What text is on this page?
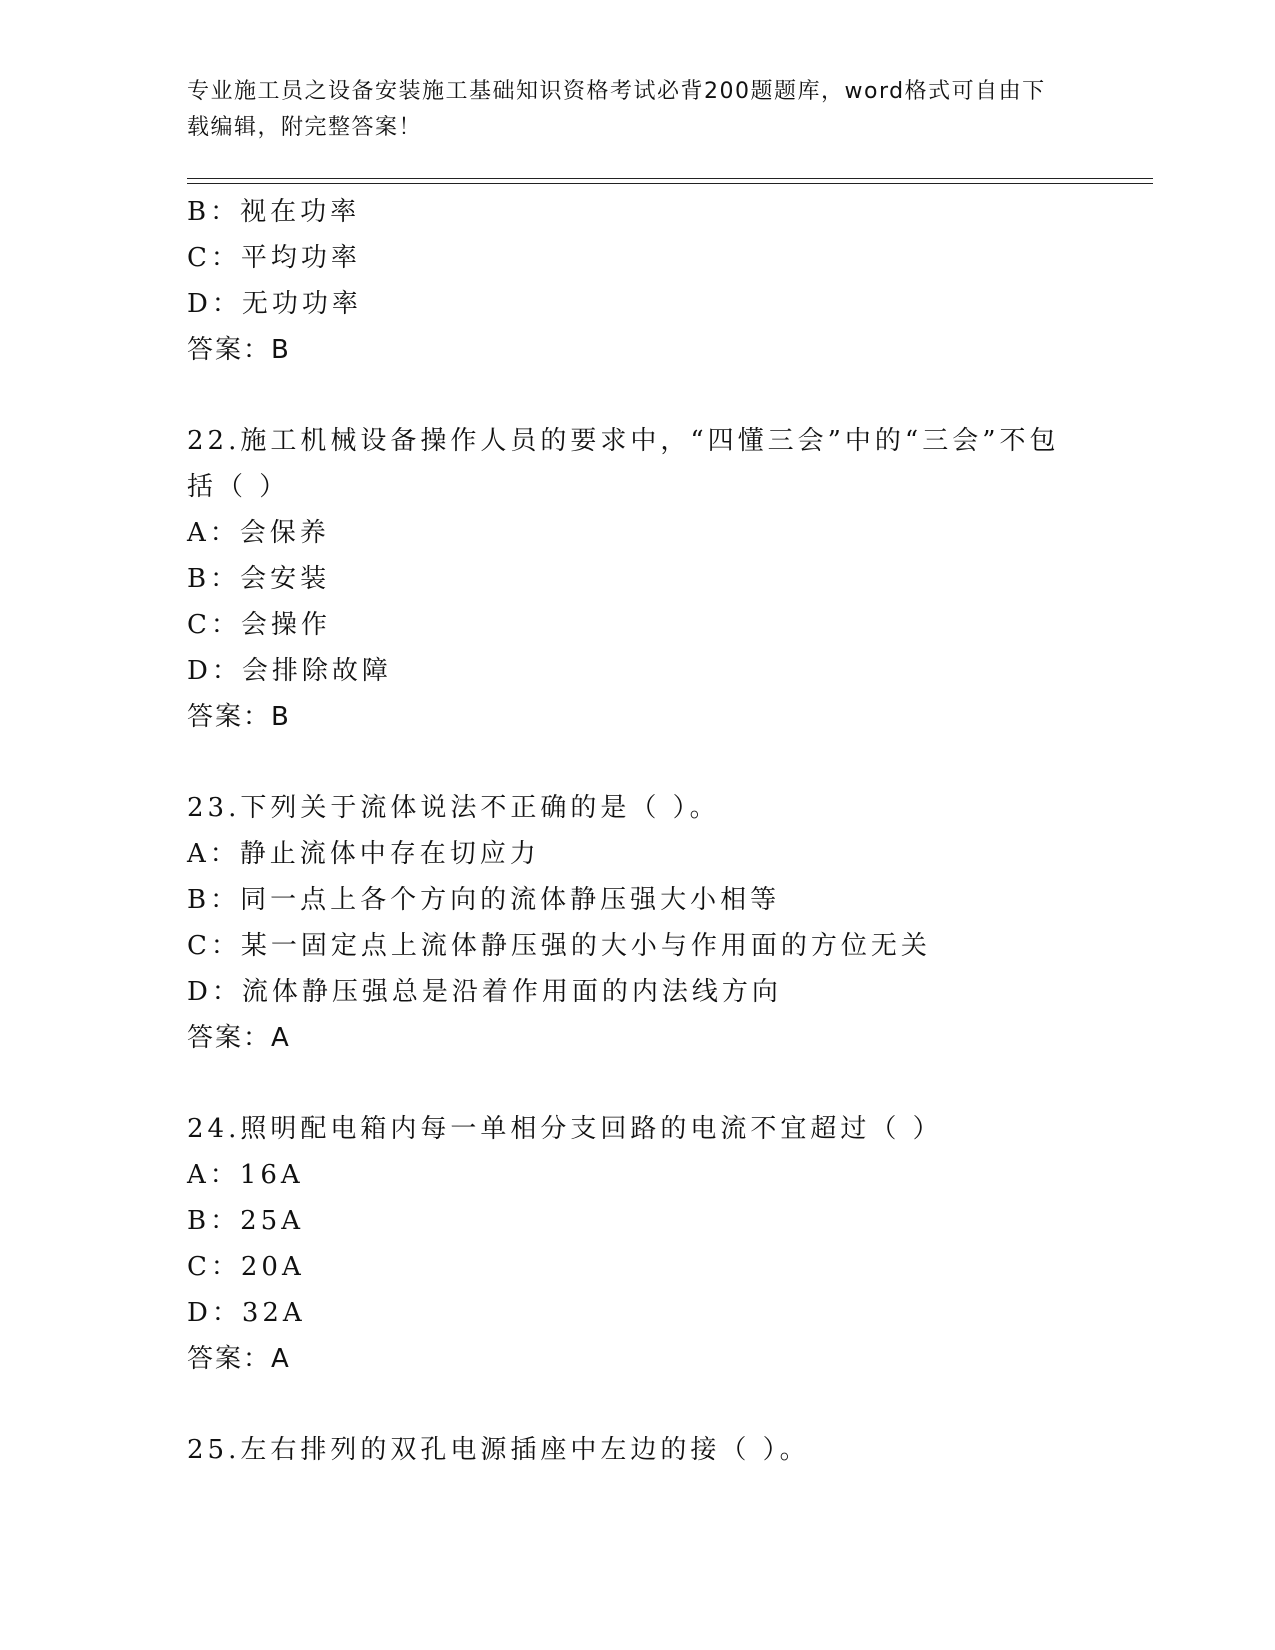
专业施工员之设备安装施工基础知识资格考试必背200题题库，word格式可自由下载编辑，附完整答案！
B：视在功率
C：平均功率
D：无功功率
答案：B
22.施工机械设备操作人员的要求中，“四懂三会”中的“三会”不包括（ ）
A：会保养
B：会安装
C：会操作
D：会排除故障
答案：B
23.下列关于流体说法不正确的是（ ）。
A：静止流体中存在切应力
B：同一点上各个方向的流体静压强大小相等
C：某一固定点上流体静压强的大小与作用面的方位无关
D：流体静压强总是沿着作用面的内法线方向
答案：A
24.照明配电箱内每一单相分支回路的电流不宜超过（ ）
A：16A
B：25A
C：20A
D：32A
答案：A
25.左右排列的双孔电源插座中左边的接（ ）。
